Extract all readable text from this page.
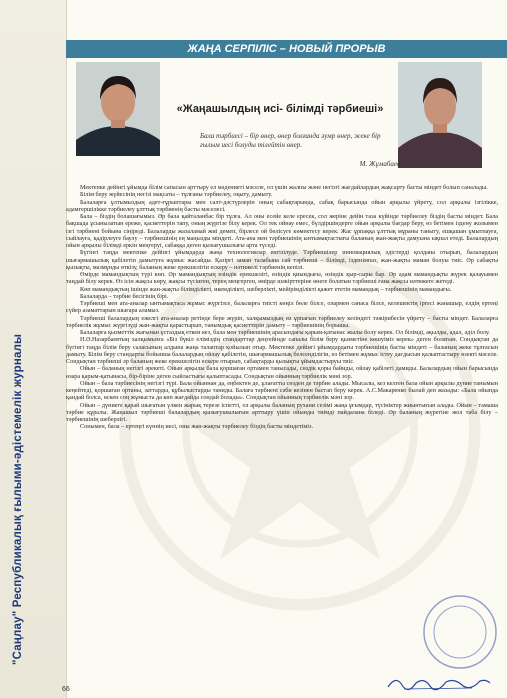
"Саңлау" Республикалық ғылыми-әдістемелік журналы
ЖАҢА СЕРПІЛІС – НОВЫЙ ПРОРЫВ
«Жаңашылдың исі- білімді тәрбиеші»
Бала тәрбиесі – бір өнер, өнер болғанда әумр өнер, жеке бір ғылым иесі болуды тілейтін өнер.
М. Жұмабаев

Мектепке дейінгі ұйымда білім сапасын арттыру ел мәдениеті мәселе, ол үшін жалпы және негізгі жағдайлардың жақсарту басты міндет болып саналады.

Білім беру жүйесінің негізі мақсаты – тұлғаны тәрбиелеу, оқыту, дамыту.

Балаларға ұлтымыздың адет-ғұрыптары мен салт-дәстүрлерін оның сабақтарында, сабақ барысында ойын арқылы үйрету, сол арқылы ізгілікке, адамгершілікке тәрбиелеу ұлттық тәрбиенің басты мәселесі.

Бала – біздің болашағымыз. Әр бала қайталанбас бір тұлға. Ал оны есейе келе ересек, сол жеріне дейін таза күйінде тәрбиелеу біздің басты міндет. Бала бақшада ұсынылатын ереже, қасиеттерін тапу, оның жүргізе білу керек. Ол тек ойнау емес, бүлдіршіндерге ойын арқылы бағдар беру, өз бетімен іздену жолымен ізгі тәрбиені бойына сіңіреді. Балаларды жазаламай жиі демеп, бірлесе ой бөлісуге көмектесу керек. Жас ұрпаққа ұлттық мұраны таныту, ешқашан ұмытпауға, сыйлауға, қадірлеуге баулу – тәрбиешінің ең маңызды міндеті. Ата-ана мен тәрбиешінің ынтымақтастығы баланың жан-жақты дамуына ықпал етеді. Балалардың ойын арқылы білімді еркін меңгеруі, сабаққа деген қызығушылығы арта түседі.

Бүгінгі таңда мектепке дейінгі ұйымдарда жаңа технологиялар енгізілуде. Тәрбиешілер инновациялық әдістерді қолдана отырып, балалардың шығармашылық қабілетін дамытуға жұмыс жасайды. Қазіргі заман талабына сай тәрбиеші – білімді, ізденімпаз, жан-жақты маман болуы тиіс. Әр сабақты қызықты, мазмұнды өткізу, баланың жеке ерекшелігін ескеру – нәтижелі тәрбиенің кепілі.

Өмірде мамандықтың түрі көп. Әр мамандықтың өзіндік ерекшелігі, өзіндік қиындығы, өзіндік қыр-сыры бар. Әр адам мамандықты жүрек қалауымен таңдай білу керек. Өз ісін жақсы көру, жақсы түсінген, терең меңгерген, өмірде шәкірттеріне өнеге болатын тәрбиеші ғана жақсы нәтижеге жетеді.

Көп мамандықтың ішінде жан-жақты білімділікті, икемділікті, шеберлікті, мейірімділікті қажет ететін мамандық – тәрбиешінің мамандығы.

Балаларда – тәрбие бесігінің бірі.

Тәрбиеші мен ата-аналар ынтымақтаса жұмыс жүргізсе, балаларға тиісті көңіл бөле білсе, олармен санаса білсе, келешектің іргесі жанашыр, елдің ертеңі сүйер азаматтарын шығара аламыз.

Тәрбиеші балалардың ежелгі ата-аналар ретінде бере жүріп, халқымыздың өз ұрпағын тәрбиелеу кезіндегі тәжірибесін үйрету – басты міндет. Балаларға тәрбиелік жұмыс жүргізуді жан-жақты қарастырып, танымдық қасиеттерін дамыту – тәрбиешінің борышы.

Балаларға қызметтік жағынан ұстаздық еткен кез, бала мен тәрбиешінің арасындағы қарым-қатынас жылы болу керек. Ол білімді, ақылды, адал, әділ болу.

Н.Ә.Назарбаевтың халқымызға «Біз бүкіл еліміздің стандарттар деңгейінде сапалы білім беру қызметіне көшуіміз керек» деген болатын. Сондықтан да бүгінгі таңда білім беру саласының алдына жаңа талаптар қойылып отыр. Мектепке дейінгі ұйымдардағы тәрбиешінің басты міндеті – баланың жеке тұлғасын дамыту. Білім беру стандарты бойынша балалардың ойлау қабілетін, шығармашылық белсенділігін, өз бетімен жұмыс істеу дағдысын қалыптастыру өзекті мәселе. Сондықтан тәрбиеші әр баланың жеке ерекшелігін ескере отырып, сабақтарды қызықты ұйымдастыруы тиіс.

Ойын – баланың негізгі әрекеті. Ойын арқылы бала қоршаған ортамен танысады, сөздік қоры байиды, ойлау қабілеті дамиды. Балалардың ойын барысында өзара қарым-қатынасы, бір-біріне деген сыйластығы қалыптасады. Сондықтан ойынның тәрбиелік мәні зор.

Ойын – бала тәрбиесінің негізгі түрі. Бала ойыннан да, еңбектен де, ұлағатты сөзден де тәрбие алады. Мысалы, кез келген бала ойын арқылы дүние танымын кеңейтеді, қоршаған ортаны, заттарды, құбылыстарды таниды. Балаға тәрбиені сәби кезінен бастап беру керек. А.С.Макаренко былай деп жазады: «Бала ойында қандай болса, өскен соң жұмыста да көп жағдайда сондай болады». Сондықтан ойынның тәрбиелік мәні зор.

Ойын – дүниеге қарай шығатын үлкен жарық терезе іспетті, ол арқылы баланың рухани сезімі жаңа ұғымдар, түсініктер жиынтығын алады. Ойын – тамаша тәрбие құралы. Жаңашыл тәрбиеші балалардың қызығушылығын арттыру үшін ойынды тиімді пайдалана біледі. Әр баланың жүрегіне жол таба білу – тәрбиешінің шеберлігі.

Сонымен, бала – ертеңгі күннің иесі, оны жан-жақты тәрбиелеу біздің басты міндетіміз.

66
